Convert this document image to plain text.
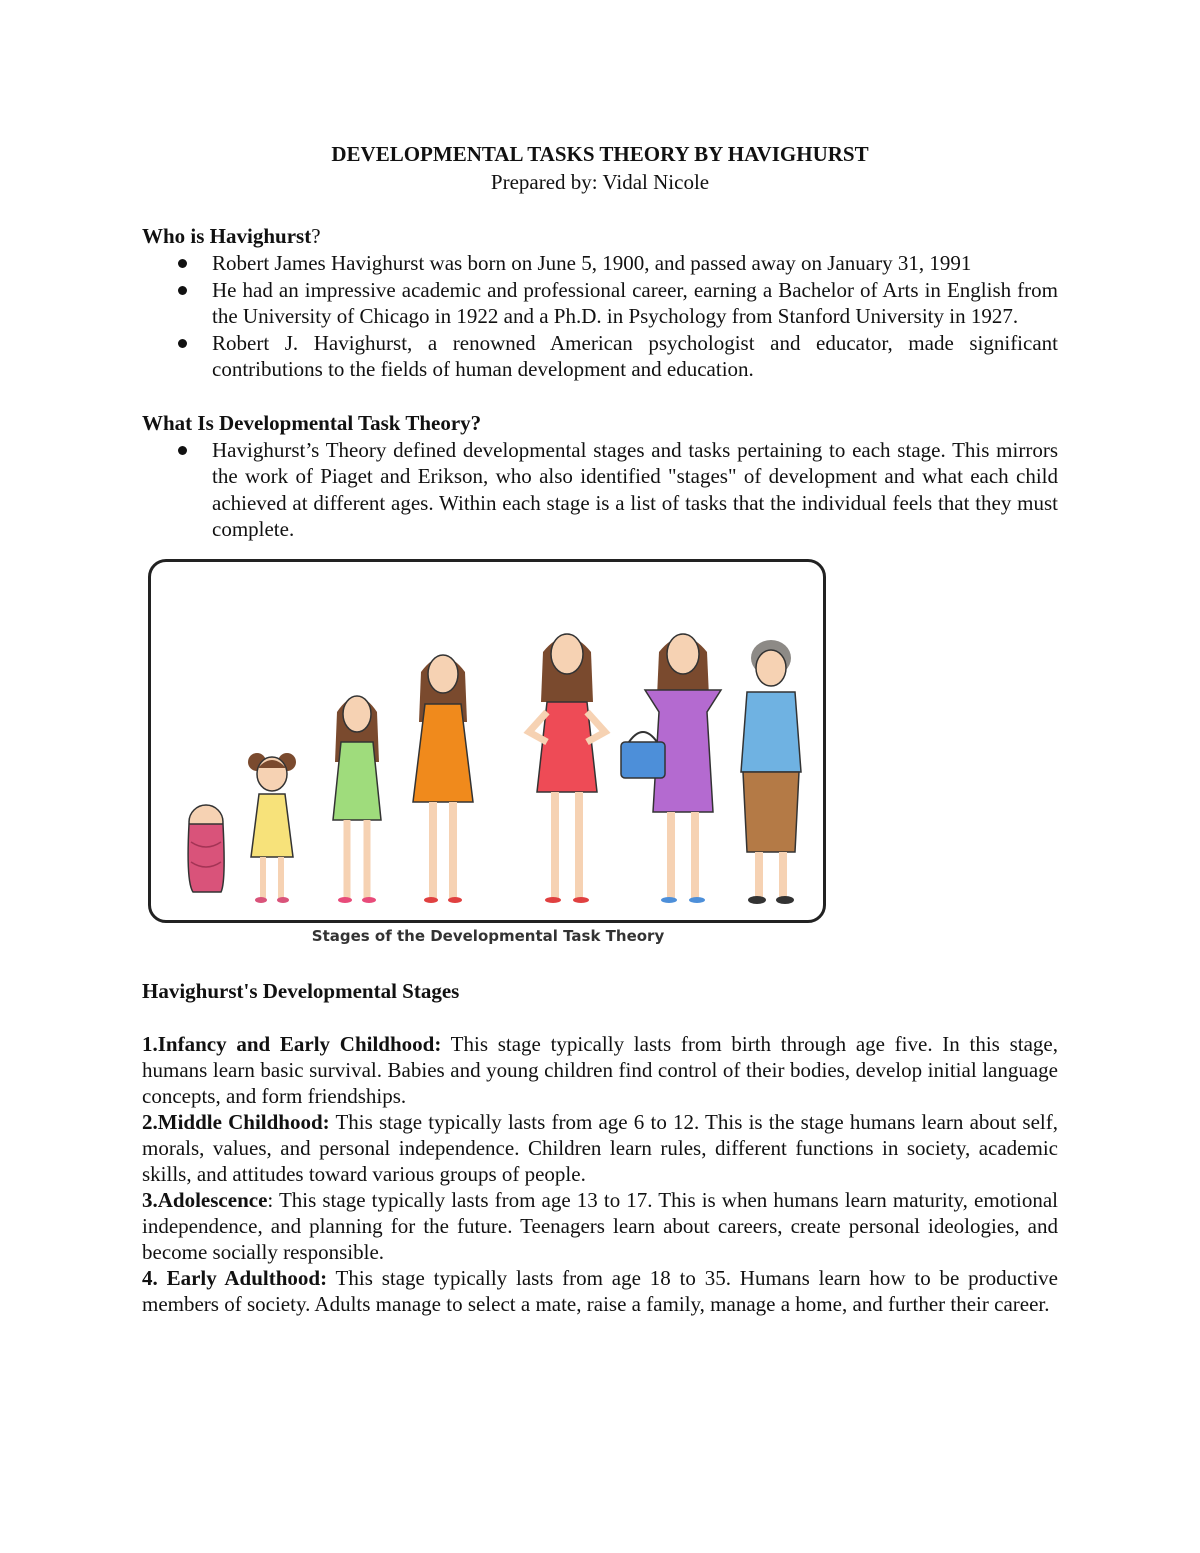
DEVELOPMENTAL TASKS THEORY BY HAVIGHURST

Prepared by: Vidal Nicole

Who is Havighurst?

Robert James Havighurst was born on June 5, 1900, and passed away on January 31, 1991
He had an impressive academic and professional career, earning a Bachelor of Arts in English from the University of Chicago in 1922 and a Ph.D. in Psychology from Stanford University in 1927.
Robert J. Havighurst, a renowned American psychologist and educator, made significant contributions to the fields of human development and education.

What Is Developmental Task Theory?

Havighurst’s Theory defined developmental stages and tasks pertaining to each stage. This mirrors the work of Piaget and Erikson, who also identified "stages" of development and what each child achieved at different ages. Within each stage is a list of tasks that the individual feels that they must complete.
Stages of the Developmental Task Theory

Havighurst's Developmental Stages

1.Infancy and Early Childhood: This stage typically lasts from birth through age five. In this stage, humans learn basic survival. Babies and young children find control of their bodies, develop initial language concepts, and form friendships.

2.Middle Childhood: This stage typically lasts from age 6 to 12. This is the stage humans learn about self, morals, values, and personal independence. Children learn rules, different functions in society, academic skills, and attitudes toward various groups of people.

3.Adolescence: This stage typically lasts from age 13 to 17. This is when humans learn maturity, emotional independence, and planning for the future. Teenagers learn about careers, create personal ideologies, and become socially responsible.

4. Early Adulthood: This stage typically lasts from age 18 to 35. Humans learn how to be productive members of society. Adults manage to select a mate, raise a family, manage a home, and further their career.
